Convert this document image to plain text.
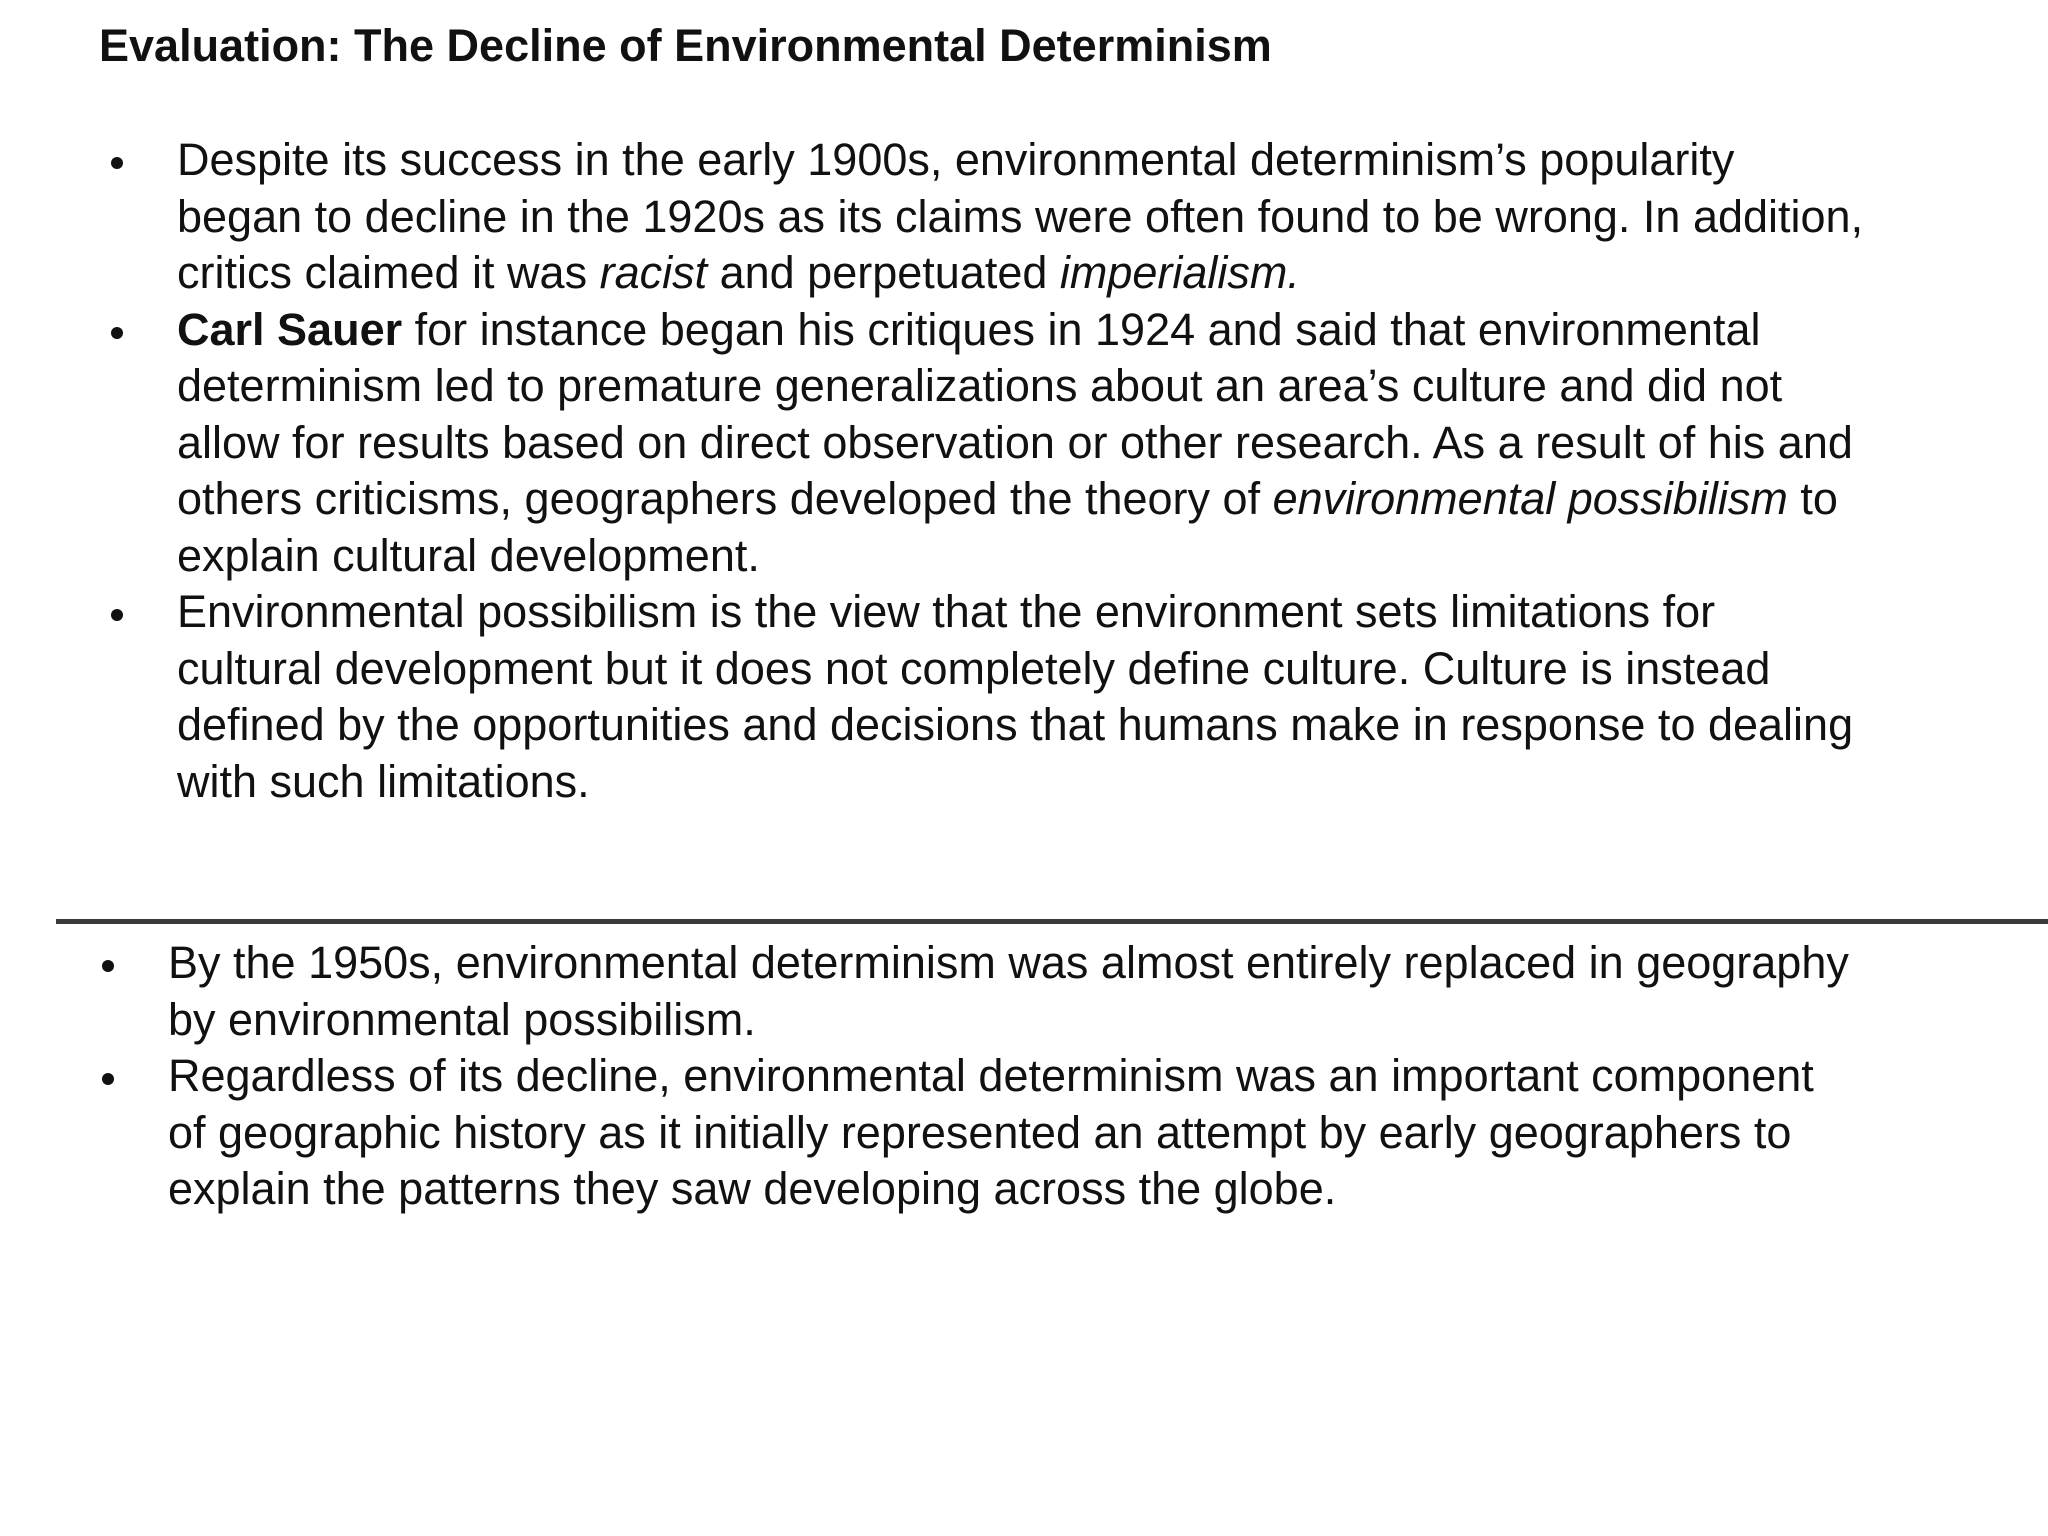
Evaluation: The Decline of Environmental Determinism
Despite its success in the early 1900s, environmental determinism’s popularity
began to decline in the 1920s as its claims were often found to be wrong. In addition,
critics claimed it was racist and perpetuated imperialism.
Carl Sauer for instance began his critiques in 1924 and said that environmental
determinism led to premature generalizations about an area’s culture and did not
allow for results based on direct observation or other research. As a result of his and
others criticisms, geographers developed the theory of environmental possibilism to
explain cultural development.
Environmental possibilism is the view that the environment sets limitations for
cultural development but it does not completely define culture. Culture is instead
defined by the opportunities and decisions that humans make in response to dealing
with such limitations.
By the 1950s, environmental determinism was almost entirely replaced in geography
by environmental possibilism.
Regardless of its decline, environmental determinism was an important component
of geographic history as it initially represented an attempt by early geographers to
explain the patterns they saw developing across the globe.
